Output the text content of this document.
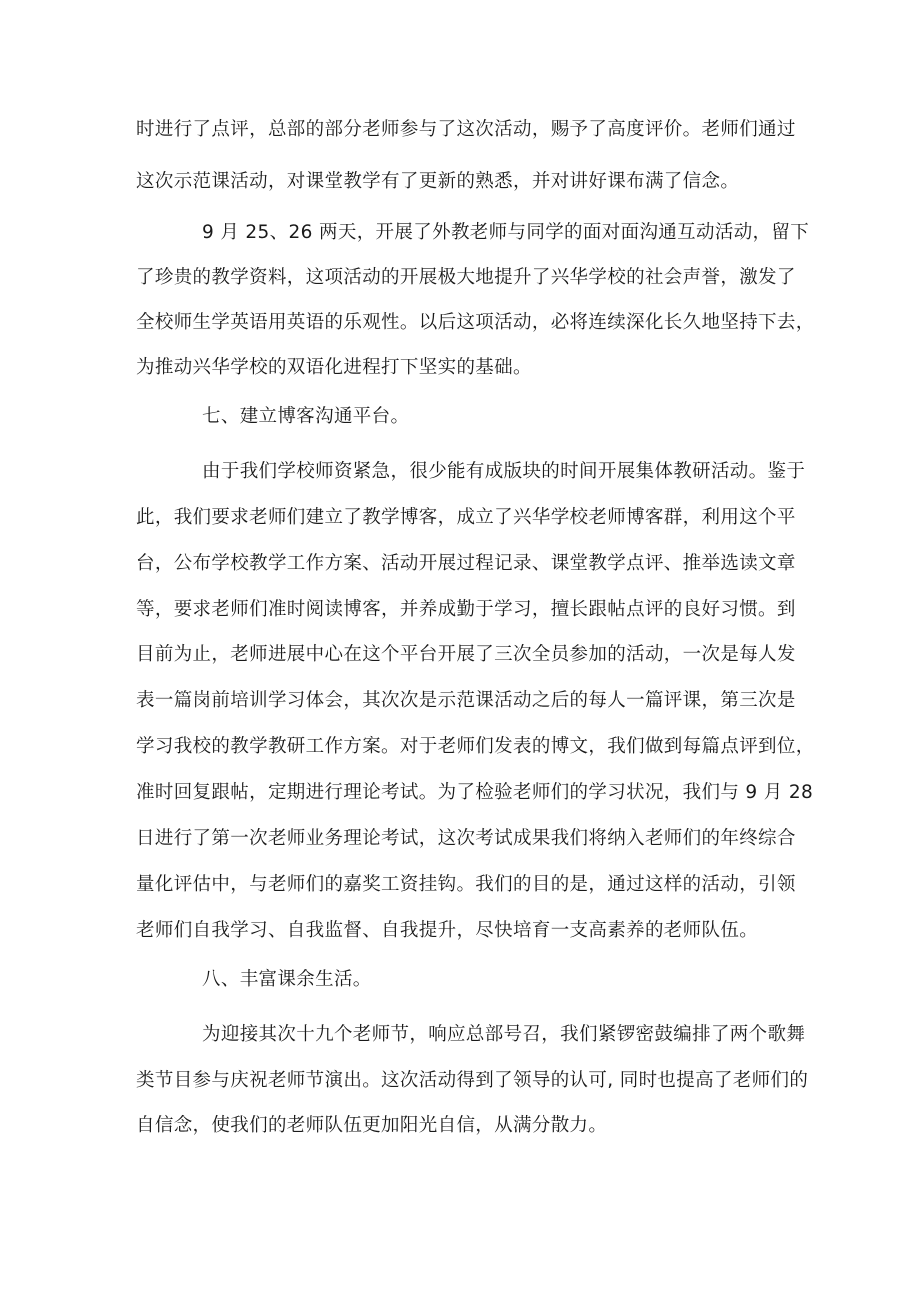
时进行了点评，总部的部分老师参与了这次活动，赐予了高度评价。老师们通过
这次示范课活动，对课堂教学有了更新的熟悉，并对讲好课布满了信念。
9 月 25、26 两天，开展了外教老师与同学的面对面沟通互动活动，留下
了珍贵的教学资料，这项活动的开展极大地提升了兴华学校的社会声誉，激发了
全校师生学英语用英语的乐观性。以后这项活动，必将连续深化长久地坚持下去，
为推动兴华学校的双语化进程打下坚实的基础。
七、建立博客沟通平台。
由于我们学校师资紧急，很少能有成版块的时间开展集体教研活动。鉴于
此，我们要求老师们建立了教学博客，成立了兴华学校老师博客群，利用这个平
台，公布学校教学工作方案、活动开展过程记录、课堂教学点评、推举选读文章
等，要求老师们准时阅读博客，并养成勤于学习，擅长跟帖点评的良好习惯。到
目前为止，老师进展中心在这个平台开展了三次全员参加的活动，一次是每人发
表一篇岗前培训学习体会，其次次是示范课活动之后的每人一篇评课，第三次是
学习我校的教学教研工作方案。对于老师们发表的博文，我们做到每篇点评到位，
准时回复跟帖，定期进行理论考试。为了检验老师们的学习状况，我们与 9 月 28
日进行了第一次老师业务理论考试，这次考试成果我们将纳入老师们的年终综合
量化评估中，与老师们的嘉奖工资挂钩。我们的目的是，通过这样的活动，引领
老师们自我学习、自我监督、自我提升，尽快培育一支高素养的老师队伍。
八、丰富课余生活。
为迎接其次十九个老师节，响应总部号召，我们紧锣密鼓编排了两个歌舞
类节目参与庆祝老师节演出。这次活动得到了领导的认可, 同时也提高了老师们的
自信念，使我们的老师队伍更加阳光自信，从满分散力。
